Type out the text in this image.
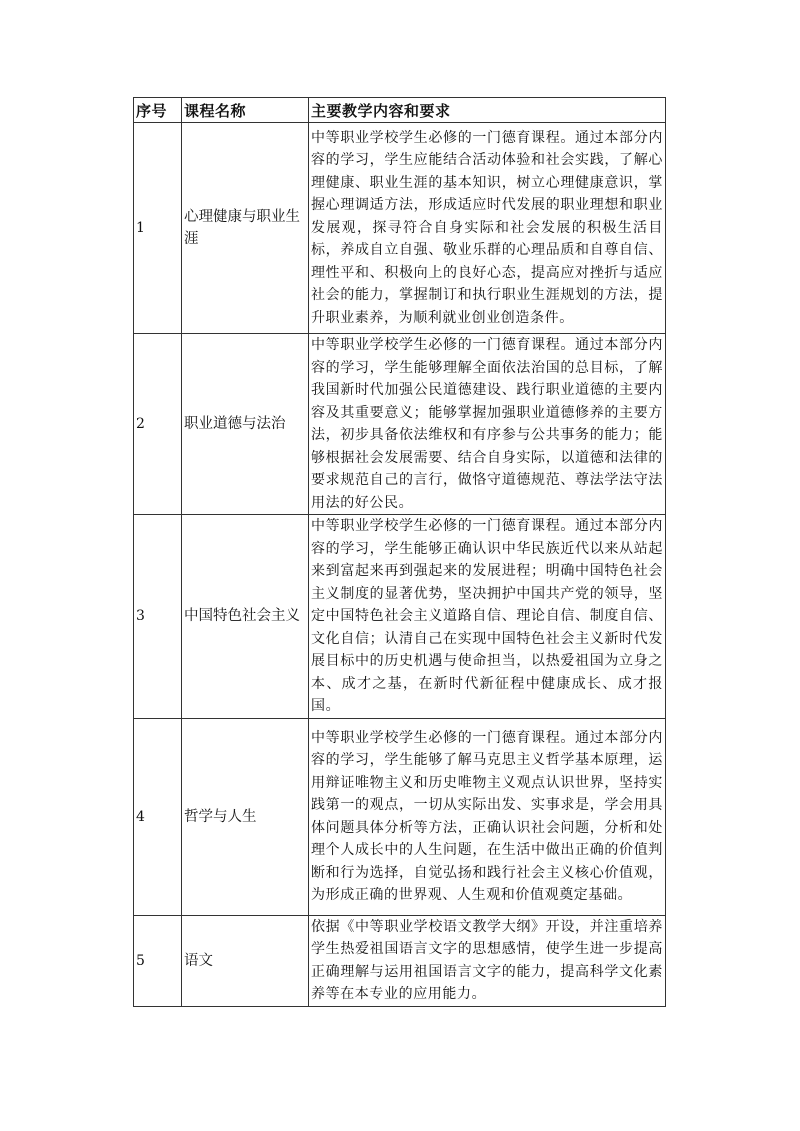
序号	课程名称	主要教学内容和要求
1	心理健康与职业生涯	中等职业学校学生必修的一门德育课程。通过本部分内容的学习，学生应能结合活动体验和社会实践，了解心理健康、职业生涯的基本知识，树立心理健康意识，掌握心理调适方法，形成适应时代发展的职业理想和职业发展观，探寻符合自身实际和社会发展的积极生活目标，养成自立自强、敬业乐群的心理品质和自尊自信、理性平和、积极向上的良好心态，提高应对挫折与适应社会的能力，掌握制订和执行职业生涯规划的方法，提升职业素养，为顺利就业创业创造条件。
2	职业道德与法治	中等职业学校学生必修的一门德育课程。通过本部分内容的学习，学生能够理解全面依法治国的总目标，了解我国新时代加强公民道德建设、践行职业道德的主要内容及其重要意义；能够掌握加强职业道德修养的主要方法，初步具备依法维权和有序参与公共事务的能力；能够根据社会发展需要、结合自身实际，以道德和法律的要求规范自己的言行，做恪守道德规范、尊法学法守法用法的好公民。
3	中国特色社会主义	中等职业学校学生必修的一门德育课程。通过本部分内容的学习，学生能够正确认识中华民族近代以来从站起来到富起来再到强起来的发展进程；明确中国特色社会主义制度的显著优势，坚决拥护中国共产党的领导，坚定中国特色社会主义道路自信、理论自信、制度自信、文化自信；认清自己在实现中国特色社会主义新时代发展目标中的历史机遇与使命担当，以热爱祖国为立身之本、成才之基，在新时代新征程中健康成长、成才报国。
4	哲学与人生	中等职业学校学生必修的一门德育课程。通过本部分内容的学习，学生能够了解马克思主义哲学基本原理，运用辩证唯物主义和历史唯物主义观点认识世界，坚持实践第一的观点，一切从实际出发、实事求是，学会用具体问题具体分析等方法，正确认识社会问题，分析和处理个人成长中的人生问题，在生活中做出正确的价值判断和行为选择，自觉弘扬和践行社会主义核心价值观，为形成正确的世界观、人生观和价值观奠定基础。
5	语文	依据《中等职业学校语文教学大纲》开设，并注重培养学生热爱祖国语言文字的思想感情，使学生进一步提高正确理解与运用祖国语言文字的能力，提高科学文化素养等在本专业的应用能力。
